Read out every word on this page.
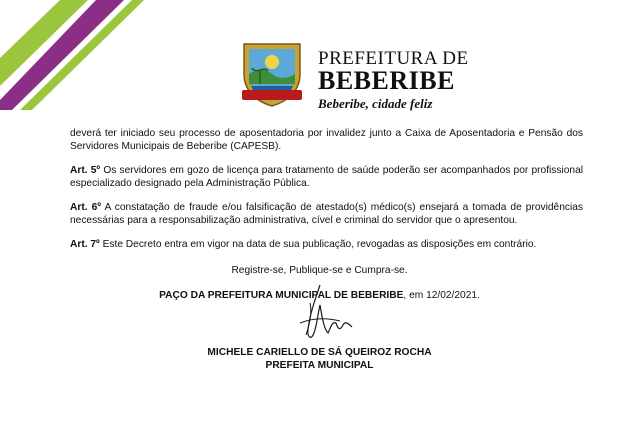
PREFEITURA DE
BEBERIBE
Beberibe, cidade feliz

deverá ter iniciado seu processo de aposentadoria por invalidez junto a Caixa de Aposentadoria e Pensão dos Servidores Municipais de Beberibe (CAPESB).

Art. 5º Os servidores em gozo de licença para tratamento de saúde poderão ser acompanhados por profissional especializado designado pela Administração Pública.

Art. 6º A constatação de fraude e/ou falsificação de atestado(s) médico(s) ensejará a tomada de providências necessárias para a responsabilização administrativa, cível e criminal do servidor que o apresentou.

Art. 7º Este Decreto entra em vigor na data de sua publicação, revogadas as disposições em contrário.

Registre-se, Publique-se e Cumpra-se.
PAÇO DA PREFEITURA MUNICIPAL DE BEBERIBE, em 12/02/2021.
MICHELE CARIELLO DE SÁ QUEIROZ ROCHA
PREFEITA MUNICIPAL
